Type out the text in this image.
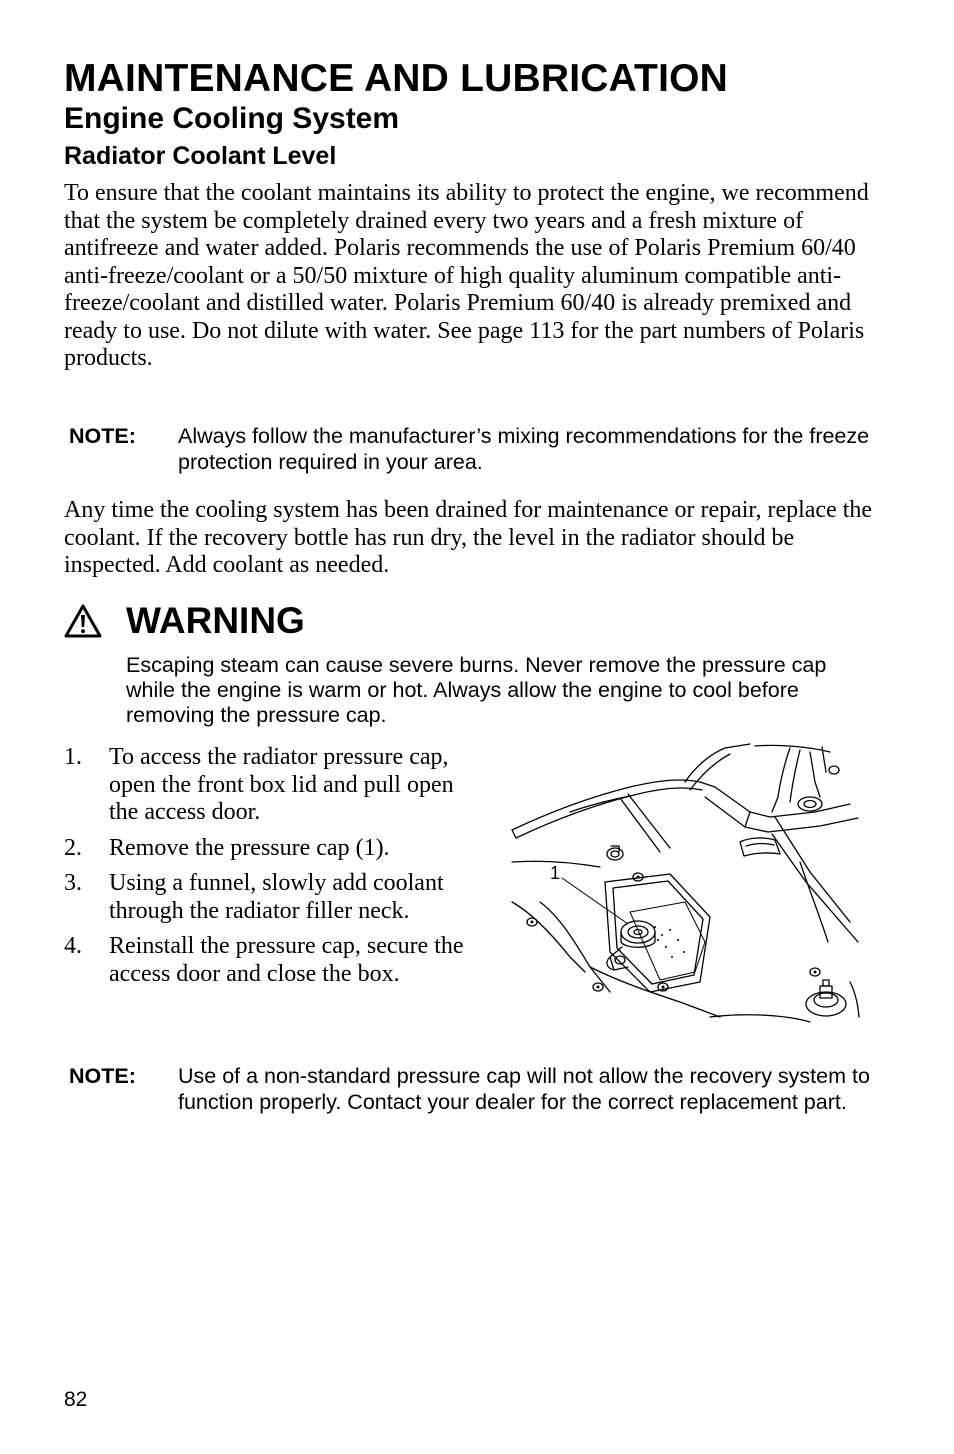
MAINTENANCE AND LUBRICATION
Engine Cooling System
Radiator Coolant Level

To ensure that the coolant maintains its ability to protect the engine, we recommend that the system be completely drained every two years and a fresh mixture of antifreeze and water added. Polaris recommends the use of Polaris Premium 60/40 anti-freeze/coolant or a 50/50 mixture of high quality aluminum compatible anti-freeze/coolant and distilled water. Polaris Premium 60/40 is already premixed and ready to use. Do not dilute with water. See page 113 for the part numbers of Polaris products.

NOTE: Always follow the manufacturer’s mixing recommendations for the freeze protection required in your area.

Any time the cooling system has been drained for maintenance or repair, replace the coolant. If the recovery bottle has run dry, the level in the radiator should be inspected. Add coolant as needed.

WARNING

Escaping steam can cause severe burns. Never remove the pressure cap while the engine is warm or hot. Always allow the engine to cool before removing the pressure cap.

1. To access the radiator pressure cap, open the front box lid and pull open the access door.
2. Remove the pressure cap (1).
3. Using a funnel, slowly add coolant through the radiator filler neck.
4. Reinstall the pressure cap, secure the access door and close the box.
1
NOTE: Use of a non-standard pressure cap will not allow the recovery system to function properly. Contact your dealer for the correct replacement part.
82
